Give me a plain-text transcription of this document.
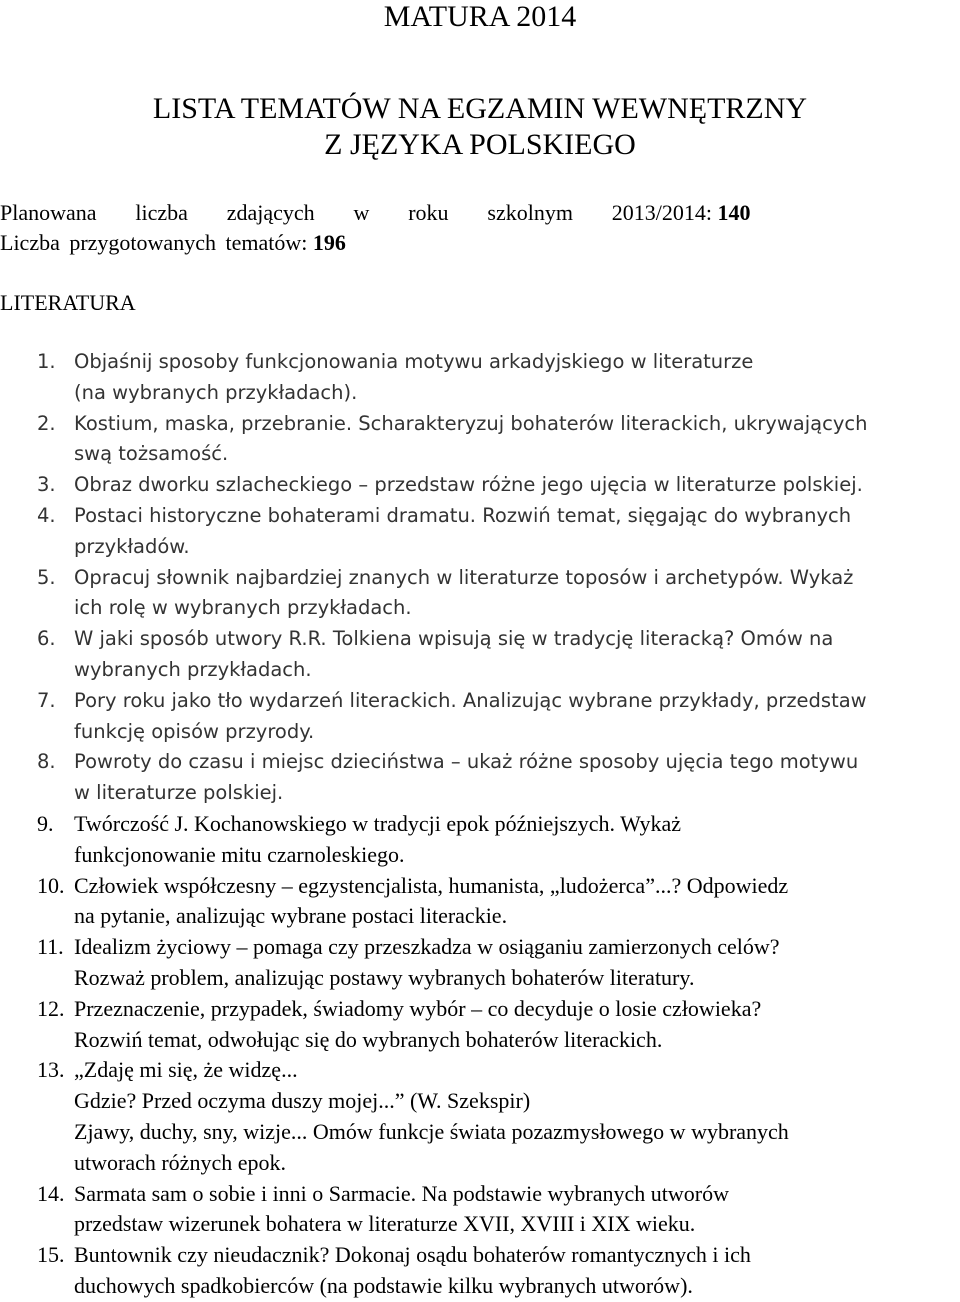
MATURA 2014
LISTA TEMATÓW NA EGZAMIN WEWNĘTRZNY
Z JĘZYKA POLSKIEGO
Planowana liczba zdających w roku szkolnym 2013/2014: 140
Liczba przygotowanych tematów: 196
LITERATURA
1. Objaśnij sposoby funkcjonowania motywu arkadyjskiego w literaturze
(na wybranych przykładach).
2. Kostium, maska, przebranie. Scharakteryzuj bohaterów literackich, ukrywających
swą tożsamość.
3. Obraz dworku szlacheckiego – przedstaw różne jego ujęcia w literaturze polskiej.
4. Postaci historyczne bohaterami dramatu. Rozwiń temat, sięgając do wybranych
przykładów.
5. Opracuj słownik najbardziej znanych w literaturze toposów i archetypów. Wykaż
ich rolę w wybranych przykładach.
6. W jaki sposób utwory R.R. Tolkiena wpisują się w tradycję literacką? Omów na
wybranych przykładach.
7. Pory roku jako tło wydarzeń literackich. Analizując wybrane przykłady, przedstaw
funkcję opisów przyrody.
8. Powroty do czasu i miejsc dzieciństwa – ukaż różne sposoby ujęcia tego motywu
w literaturze polskiej.
9. Twórczość J. Kochanowskiego w tradycji epok późniejszych. Wykaż
funkcjonowanie mitu czarnoleskiego.
10. Człowiek współczesny – egzystencjalista, humanista, „ludożerca”...? Odpowiedz
na pytanie, analizując wybrane postaci literackie.
11. Idealizm życiowy – pomaga czy przeszkadza w osiąganiu zamierzonych celów?
Rozważ problem, analizując postawy wybranych bohaterów literatury.
12. Przeznaczenie, przypadek, świadomy wybór – co decyduje o losie człowieka?
Rozwiń temat, odwołując się do wybranych bohaterów literackich.
13. „Zdaję mi się, że widzę...
Gdzie? Przed oczyma duszy mojej...” (W. Szekspir)
Zjawy, duchy, sny, wizje... Omów funkcje świata pozazmysłowego w wybranych
utworach różnych epok.
14. Sarmata sam o sobie i inni o Sarmacie. Na podstawie wybranych utworów
przedstaw wizerunek bohatera w literaturze XVII, XVIII i XIX wieku.
15. Buntownik czy nieudacznik? Dokonaj osądu bohaterów romantycznych i ich
duchowych spadkobierców (na podstawie kilku wybranych utworów).
